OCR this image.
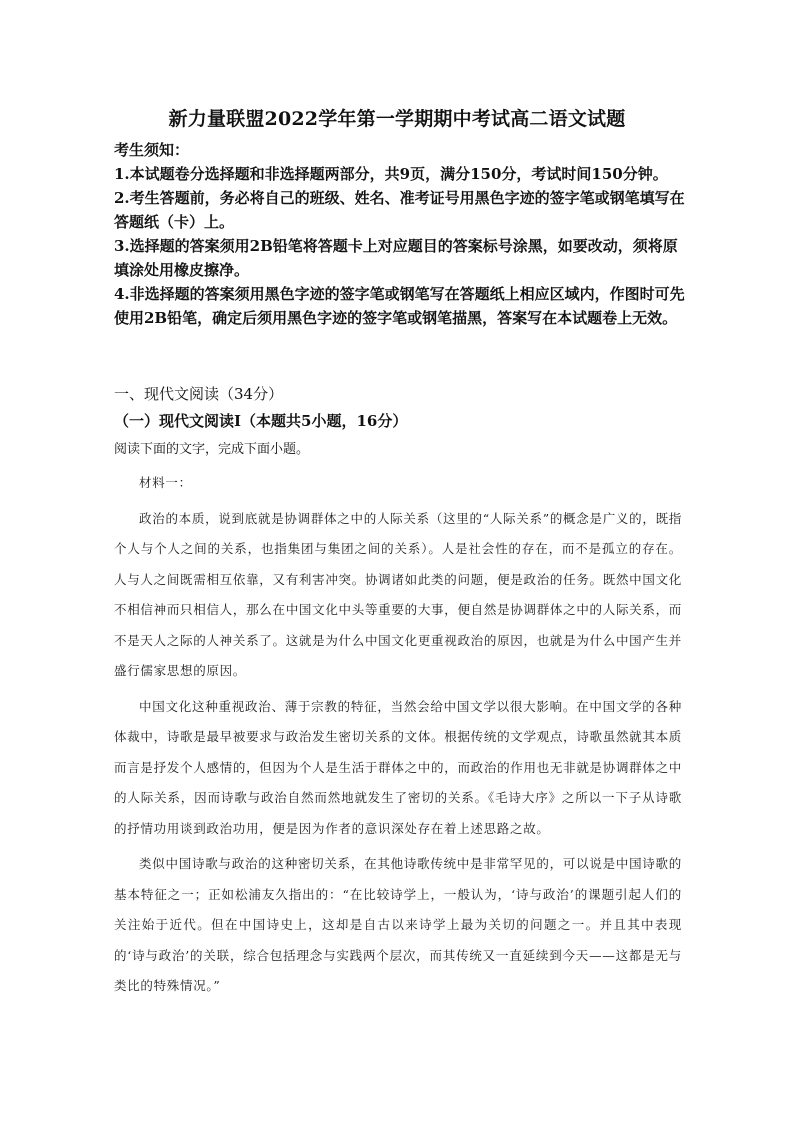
新力量联盟2022学年第一学期期中考试高二语文试题

考生须知：

1.本试题卷分选择题和非选择题两部分，共9页，满分150分，考试时间150分钟。

2.考生答题前，务必将自己的班级、姓名、准考证号用黑色字迹的签字笔或钢笔填写在答题纸（卡）上。

3.选择题的答案须用2B铅笔将答题卡上对应题目的答案标号涂黑，如要改动，须将原填涂处用橡皮擦净。

4.非选择题的答案须用黑色字迹的签字笔或钢笔写在答题纸上相应区域内，作图时可先使用2B铅笔，确定后须用黑色字迹的签字笔或钢笔描黑，答案写在本试题卷上无效。

一、现代文阅读（34分）
（一）现代文阅读Ⅰ（本题共5小题，16分）
阅读下面的文字，完成下面小题。

材料一：

政治的本质，说到底就是协调群体之中的人际关系（这里的“人际关系”的概念是广义的，既指个人与个人之间的关系，也指集团与集团之间的关系）。人是社会性的存在，而不是孤立的存在。人与人之间既需相互依靠，又有利害冲突。协调诸如此类的问题，便是政治的任务。既然中国文化不相信神而只相信人，那么在中国文化中头等重要的大事，便自然是协调群体之中的人际关系，而不是天人之际的人神关系了。这就是为什么中国文化更重视政治的原因，也就是为什么中国产生并盛行儒家思想的原因。

中国文化这种重视政治、薄于宗教的特征，当然会给中国文学以很大影响。在中国文学的各种体裁中，诗歌是最早被要求与政治发生密切关系的文体。根据传统的文学观点，诗歌虽然就其本质而言是抒发个人感情的，但因为个人是生活于群体之中的，而政治的作用也无非就是协调群体之中的人际关系，因而诗歌与政治自然而然地就发生了密切的关系。《毛诗大序》之所以一下子从诗歌的抒情功用谈到政治功用，便是因为作者的意识深处存在着上述思路之故。

类似中国诗歌与政治的这种密切关系，在其他诗歌传统中是非常罕见的，可以说是中国诗歌的基本特征之一；正如松浦友久指出的：“在比较诗学上，一般认为，‘诗与政治’的课题引起人们的关注始于近代。但在中国诗史上，这却是自古以来诗学上最为关切的问题之一。并且其中表现的‘诗与政治’的关联，综合包括理念与实践两个层次，而其传统又一直延续到今天——这都是无与类比的特殊情况。”
